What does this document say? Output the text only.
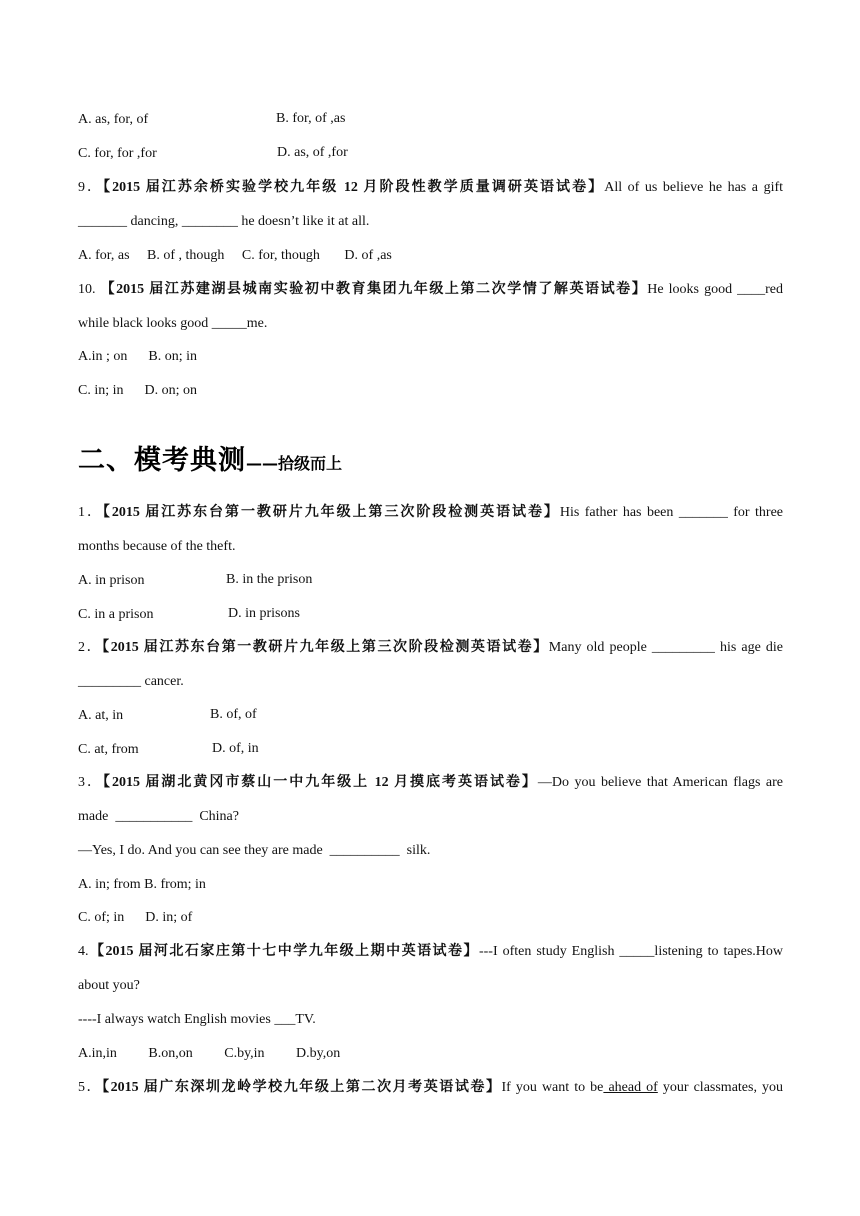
A. as, for, of	B. for, of ,as
C. for, for ,for	D. as, of ,for
9．【2015 届江苏余桥实验学校九年级 12 月阶段性教学质量调研英语试卷】All of us believe he has a gift
_______ dancing, ________ he doesn’t like it at all.
A. for, as     B. of , though     C. for, though       D. of ,as
10. 【2015 届江苏建湖县城南实验初中教育集团九年级上第二次学情了解英语试卷】He looks good ____red
while black looks good _____me.
A.in ; on      B. on; in
C. in; in      D. on; on
二、模考典测——拾级而上
1．【2015 届江苏东台第一教研片九年级上第三次阶段检测英语试卷】His father has been _______ for three
months because of the theft.
A. in prison	B. in the prison
C. in a prison	D. in prisons
2．【2015 届江苏东台第一教研片九年级上第三次阶段检测英语试卷】Many old people _________ his age die
_________ cancer.
A. at, in	B. of, of
C. at, from	D. of, in
3．【2015 届湖北黄冈市蔡山一中九年级上 12 月摸底考英语试卷】—Do you believe that American flags are
made  ___________  China?
—Yes, I do. And you can see they are made  __________  silk.
A. in; from B. from; in
C. of; in      D. in; of
4.【2015 届河北石家庄第十七中学九年级上期中英语试卷】---I often study English _____listening to tapes.How
about you?
----I always watch English movies ___TV.
A.in,in         B.on,on         C.by,in         D.by,on
5．【2015 届广东深圳龙岭学校九年级上第二次月考英语试卷】If you want to be ahead of your classmates, you
